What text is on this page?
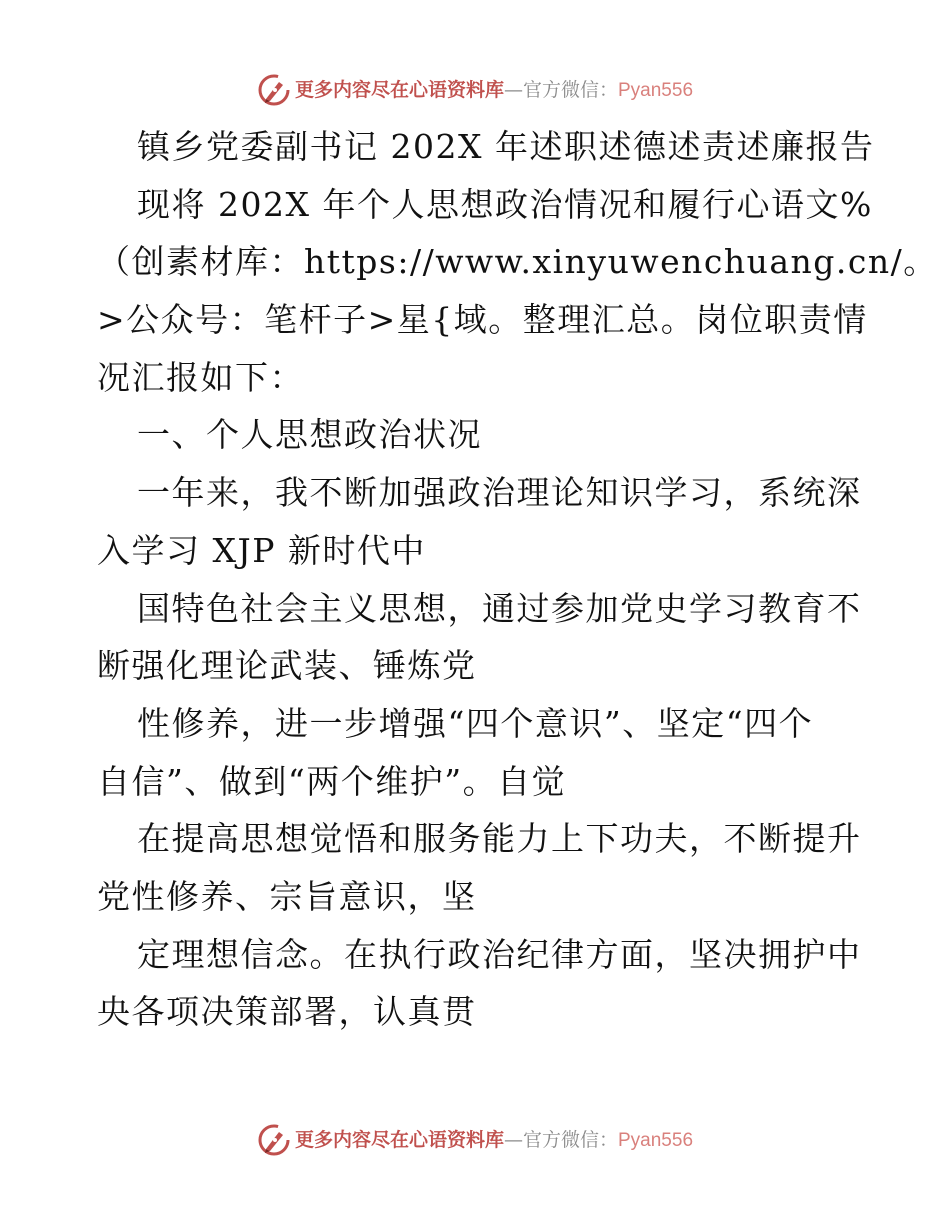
更多内容尽在心语资料库—官方微信：Pyan556
镇乡党委副书记 202X 年述职述德述责述廉报告
现将 202X 年个人思想政治情况和履行心语文%
（创素材库：https://www.xinyuwenchuang.cn/。
>公众号：笔杆子>星{域。整理汇总。岗位职责情
况汇报如下：
一、个人思想政治状况
一年来，我不断加强政治理论知识学习，系统深
入学习 XJP 新时代中
国特色社会主义思想，通过参加党史学习教育不
断强化理论武装、锤炼党
性修养，进一步增强“四个意识”、坚定“四个
自信”、做到“两个维护”。自觉
在提高思想觉悟和服务能力上下功夫，不断提升
党性修养、宗旨意识，坚
定理想信念。在执行政治纪律方面，坚决拥护中
央各项决策部署，认真贯
更多内容尽在心语资料库—官方微信：Pyan556
